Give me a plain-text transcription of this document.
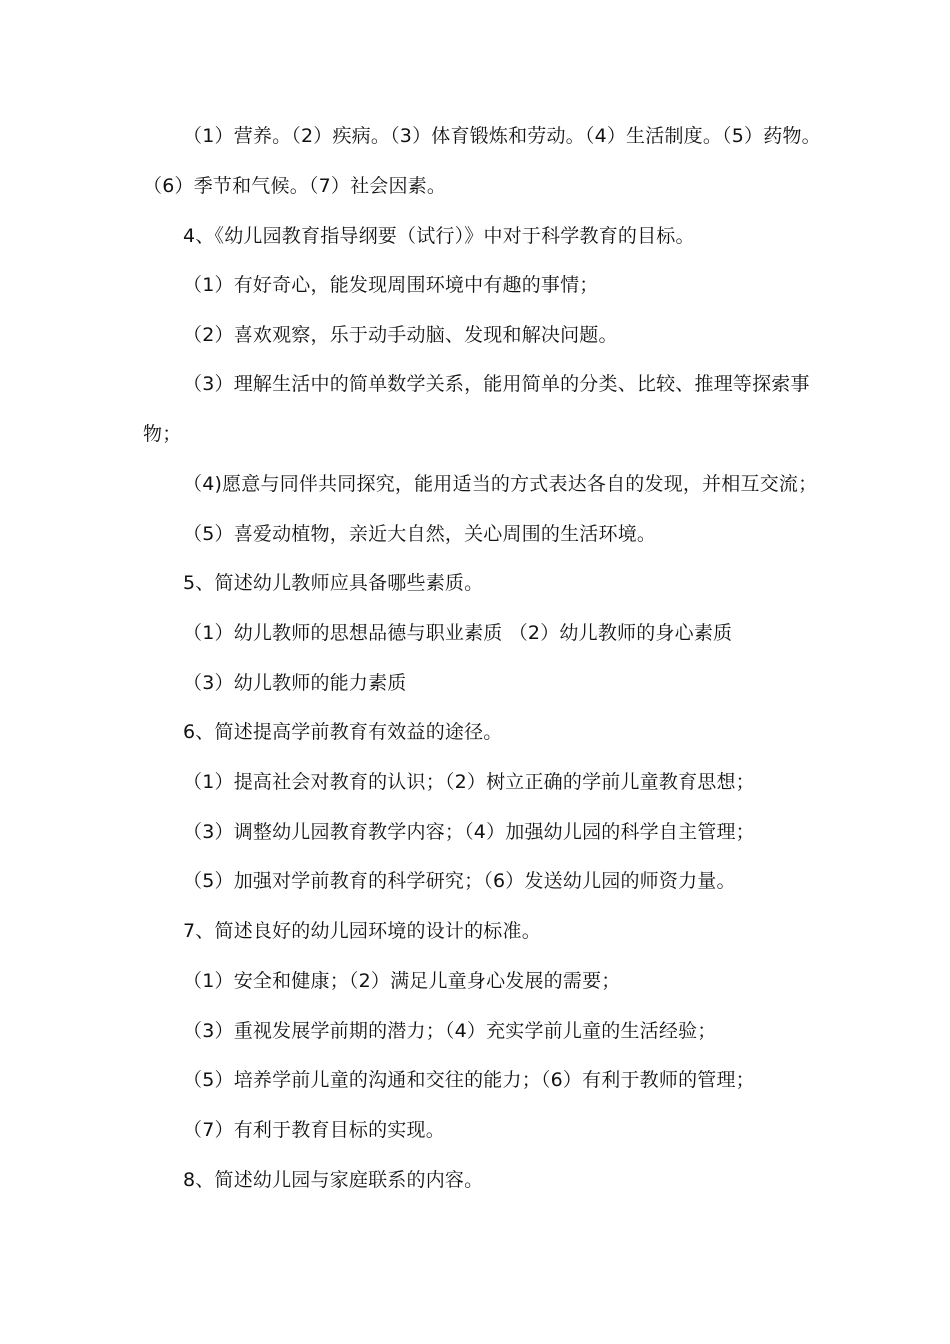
（1）营养。（2）疾病。（3）体育锻炼和劳动。（4）生活制度。（5）药物。
（6）季节和气候。（7）社会因素。
4、《幼儿园教育指导纲要（试行）》中对于科学教育的目标。
（1）有好奇心，能发现周围环境中有趣的事情；
（2）喜欢观察，乐于动手动脑、发现和解决问题。
（3）理解生活中的简单数学关系，能用简单的分类、比较、推理等探索事
物；
（4)愿意与同伴共同探究，能用适当的方式表达各自的发现，并相互交流；
（5）喜爱动植物，亲近大自然，关心周围的生活环境。
5、简述幼儿教师应具备哪些素质。
（1）幼儿教师的思想品德与职业素质 （2）幼儿教师的身心素质
（3）幼儿教师的能力素质
6、简述提高学前教育有效益的途径。
（1）提高社会对教育的认识；（2）树立正确的学前儿童教育思想；
（3）调整幼儿园教育教学内容；（4）加强幼儿园的科学自主管理；
（5）加强对学前教育的科学研究；（6）发送幼儿园的师资力量。
7、简述良好的幼儿园环境的设计的标准。
（1）安全和健康；（2）满足儿童身心发展的需要；
（3）重视发展学前期的潜力；（4）充实学前儿童的生活经验；
（5）培养学前儿童的沟通和交往的能力；（6）有利于教师的管理；
（7）有利于教育目标的实现。
8、简述幼儿园与家庭联系的内容。
